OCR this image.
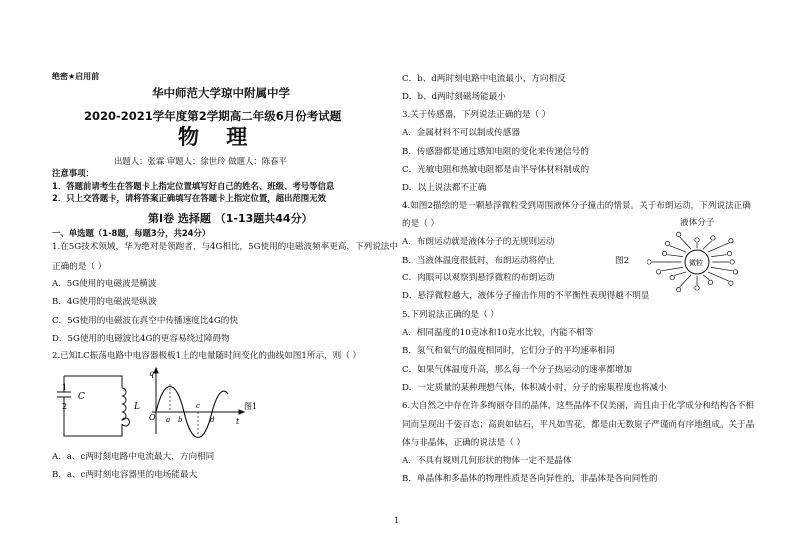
绝密★启用前
华中师范大学琼中附属中学
2020-2021学年度第2学期高二年级6月份考试题
物 理
出题人：张霖 审题人：徐世玲 做题人：陈春平
注意事项：
1．答题前请考生在答题卡上指定位置填写好自己的姓名、班级、考号等信息
2．只上交答题卡，请将答案正确填写在答题卡上指定位置，超出范围无效
第Ⅰ卷 选择题 （1-13题共44分）
一、单选题（1-8题，每题3分，共24分）
1.在5G技术领域，华为绝对是领跑者，与4G相比，5G使用的电磁波频率更高，下列说法中
正确的是（ ）
A．5G使用的电磁波是横波
B．4G使用的电磁波是纵波
C．5G使用的电磁波在真空中传播速度比4G的快
D．5G使用的电磁波比4G的更容易绕过障碍物
2.已知LC振荡电路中电容器极板1上的电量随时间变化的曲线如图1所示，则（ ）
1
2
C
L
q
t
O a b
c
d
图1
A．a、c两时刻电路中电流最大，方向相同
B．a、c两时刻电容器里的电场能最大
C．b、d两时刻电路中电流最小，方向相反
D．b、d两时刻磁场能最小
3.关于传感器，下列说法正确的是（ ）
A．金属材料不可以制成传感器
B．传感器都是通过感知电阻的变化来传递信号的
C．光敏电阻和热敏电阻都是由半导体材料制成的
D．以上说法都不正确
4.如图2描绘的是一颗悬浮微粒受到周围液体分子撞击的情景。关于布朗运动，下列说法正确
的是（ ）
A．布朗运动就是液体分子的无规则运动
B．当液体温度很低时，布朗运动将停止	图2
C．肉眼可以观察到悬浮微粒的布朗运动
D．悬浮微粒越大，液体分子撞击作用的不平衡性表现得越不明显
液体分子
微粒
5.下列说法正确的是（ ）
A．相同温度的10克冰和10克水比较，内能不相等
B．氢气和氧气的温度相同时，它们分子的平均速率相同
C．如果气体温度升高，那么每一个分子热运动的速率都增加
D．一定质量的某种理想气体，体积减小时，分子的密集程度也将减小
6.大自然之中存在许多绚丽夺目的晶体，这些晶体不仅美丽，而且由于化学成分和结构各不相
同而呈现出千姿百态；高贵如钻石，平凡如雪花，都是由无数原子严谨而有序地组成。关于晶
体与非晶体，正确的说法是（ ）
A．不具有规则几何形状的物体一定不是晶体
B．单晶体和多晶体的物理性质是各向异性的，非晶体是各向同性的
1
